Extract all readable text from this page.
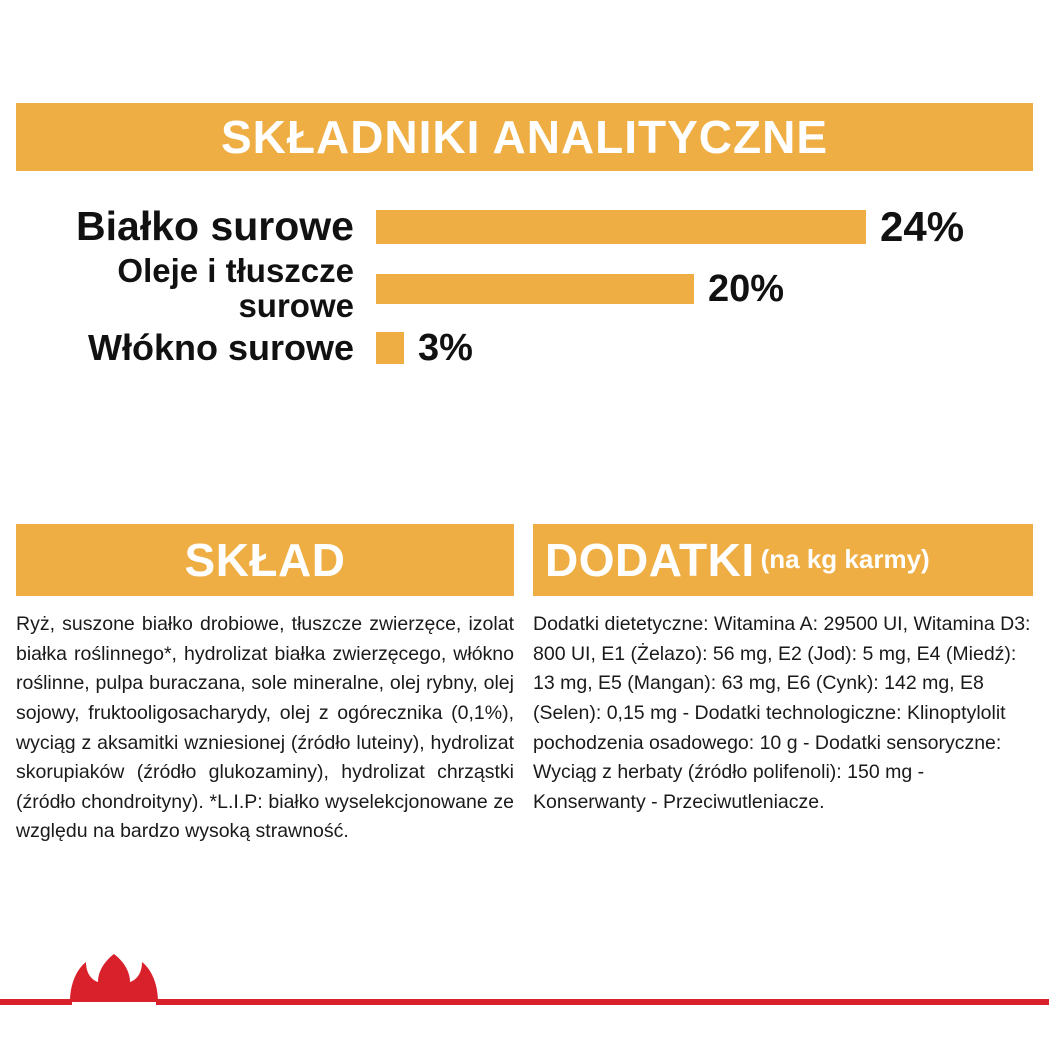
SKŁADNIKI ANALITYCZNE
Białko surowe	24%
Oleje i tłuszcze surowe	20%
Włókno surowe	3%
SKŁAD
Ryż, suszone białko drobiowe, tłuszcze zwierzęce, izolat białka roślinnego*, hydrolizat białka zwierzęcego, włókno roślinne, pulpa buraczana, sole mineralne, olej rybny, olej sojowy, fruktooligosacharydy, olej z ogórecznika (0,1%), wyciąg z aksamitki wzniesionej (źródło luteiny), hydrolizat skorupiaków (źródło glukozaminy), hydrolizat chrząstki (źródło chondroityny). *L.I.P: białko wyselekcjonowane ze względu na bardzo wysoką strawność.
DODATKI (na kg karmy)
Dodatki dietetyczne: Witamina A: 29500 UI, Witamina D3: 800 UI, E1 (Żelazo): 56 mg, E2 (Jod): 5 mg, E4 (Miedź): 13 mg, E5 (Mangan): 63 mg, E6 (Cynk): 142 mg, E8 (Selen): 0,15 mg - Dodatki technologiczne: Klinoptylolit pochodzenia osadowego: 10 g - Dodatki sensoryczne: Wyciąg z herbaty (źródło polifenoli): 150 mg - Konserwanty - Przeciwutleniacze.
